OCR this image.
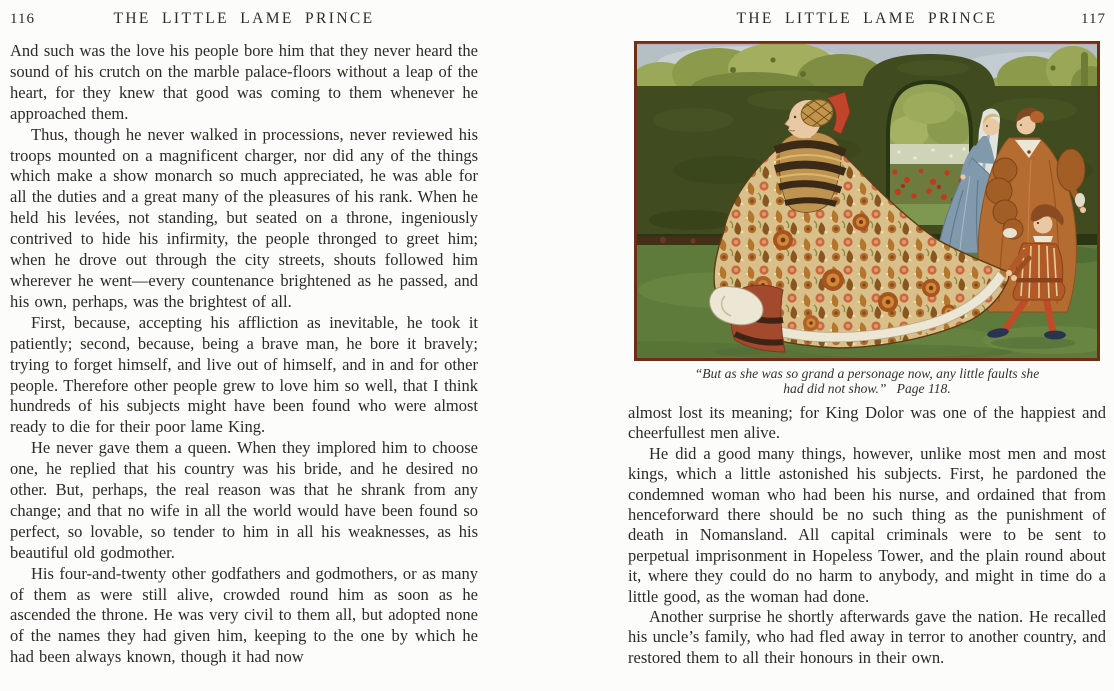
116	THE LITTLE LAME PRINCE

And such was the love his people bore him that they never heard the sound of his crutch on the marble palace-floors without a leap of the heart, for they knew that good was coming to them whenever he approached them.

Thus, though he never walked in processions, never reviewed his troops mounted on a magnificent charger, nor did any of the things which make a show monarch so much appreciated, he was able for all the duties and a great many of the pleasures of his rank. When he held his levées, not standing, but seated on a throne, ingeniously contrived to hide his infirmity, the people thronged to greet him; when he drove out through the city streets, shouts followed him wherever he went—every countenance brightened as he passed, and his own, perhaps, was the brightest of all.

First, because, accepting his affliction as inevitable, he took it patiently; second, because, being a brave man, he bore it bravely; trying to forget himself, and live out of himself, and in and for other people. Therefore other people grew to love him so well, that I think hundreds of his subjects might have been found who were almost ready to die for their poor lame King.

He never gave them a queen. When they implored him to choose one, he replied that his country was his bride, and he desired no other. But, perhaps, the real reason was that he shrank from any change; and that no wife in all the world would have been found so perfect, so lovable, so tender to him in all his weaknesses, as his beautiful old godmother.

His four-and-twenty other godfathers and godmothers, or as many of them as were still alive, crowded round him as soon as he ascended the throne. He was very civil to them all, but adopted none of the names they had given him, keeping to the one by which he had been always known, though it had now

THE LITTLE LAME PRINCE	117
“But as she was so grand a personage now, any little faults she
had did not show.”   Page 118.

almost lost its meaning; for King Dolor was one of the happiest and cheerfullest men alive.

He did a good many things, however, unlike most men and most kings, which a little astonished his subjects. First, he pardoned the condemned woman who had been his nurse, and ordained that from henceforward there should be no such thing as the punishment of death in Nomansland. All capital criminals were to be sent to perpetual imprisonment in Hopeless Tower, and the plain round about it, where they could do no harm to anybody, and might in time do a little good, as the woman had done.

Another surprise he shortly afterwards gave the nation. He recalled his uncle’s family, who had fled away in terror to another country, and restored them to all their honours in their own.
